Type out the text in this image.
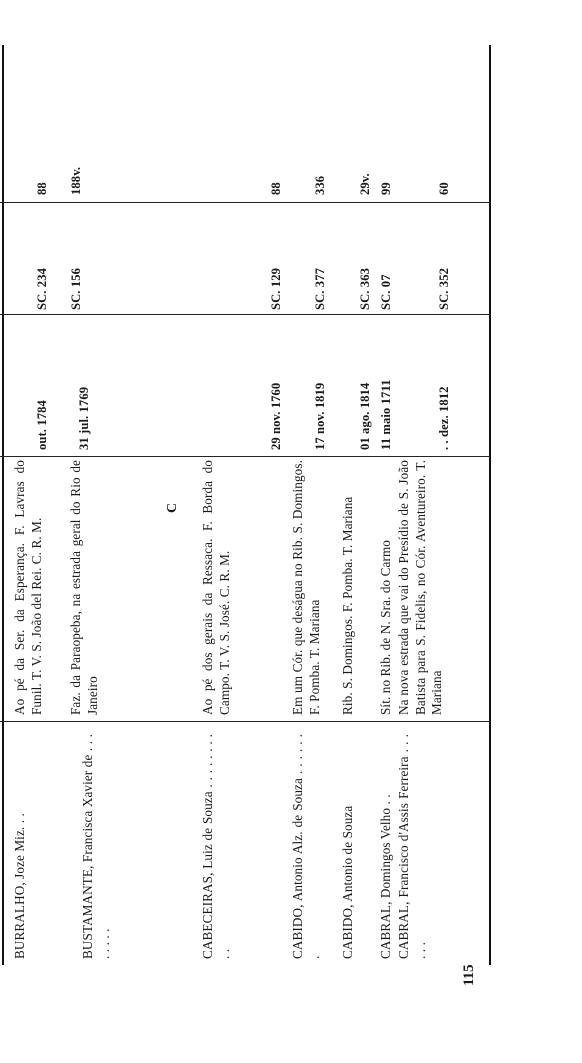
BURRALHO, Joze Miz. . .
Ao pé da Ser. da Esperança. F. Lavras do Funil. T. V. S. João del Rei. C. R. M.
out. 1784
SC. 234
88
BUSTAMANTE, Francisca Xavier de . . . . . . . .
Faz. da Paraopeba, na estrada geral do Rio de Janeiro
31 jul. 1769
SC. 156
188v.
C
CABECEIRAS, Luiz de Souza . . . . . . . . . .
Ao pé dos gerais da Ressaca. F. Borda do Campo. T. V. S. José. C. R. M.
29 nov. 1760
SC. 129
88
CABIDO, Antonio Alz. de Souza . . . . . . .
Em um Cór. que deságua no Rib. S. Domingos. F. Pomba. T. Mariana
17 nov. 1819
SC. 377
336
CABIDO, Antonio de Souza
Rib. S. Domingos. F. Pomba. T. Mariana
01 ago. 1814
SC. 363
29v.
CABRAL, Domingos Velho . .
Sít. no Rib. de N. Sra. do Carmo
11 maio 1711
SC. 07
99
CABRAL, Francisco d'Assis Ferreira . . . . . .
Na nova estrada que vai do Presídio de S. João Batista para S. Fidelis, no Cór. Aventureiro. T. Mariana
. . dez. 1812
SC. 352
60
115
